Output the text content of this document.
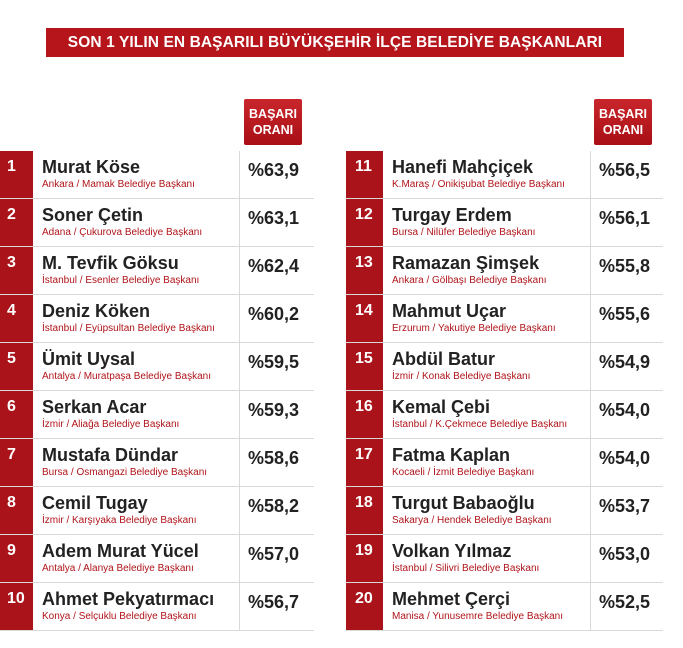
SON 1 YILIN EN BAŞARILI BÜYÜKŞEHİR İLÇE BELEDİYE BAŞKANLARI
BAŞARI
ORANI
1	Murat Köse
Ankara / Mamak Belediye Başkanı
%63,9
2	Soner Çetin
Adana / Çukurova Belediye Başkanı
%63,1
3	M. Tevfik Göksu
İstanbul / Esenler Belediye Başkanı
%62,4
4	Deniz Köken
İstanbul / Eyüpsultan Belediye Başkanı
%60,2
5	Ümit Uysal
Antalya / Muratpaşa Belediye Başkanı
%59,5
6	Serkan Acar
İzmir / Aliağa Belediye Başkanı
%59,3
7	Mustafa Dündar
Bursa / Osmangazi Belediye Başkanı
%58,6
8	Cemil Tugay
İzmir / Karşıyaka Belediye Başkanı
%58,2
9	Adem Murat Yücel
Antalya / Alanya Belediye Başkanı
%57,0
10 Ahmet Pekyatırmacı
Konya / Selçuklu Belediye Başkanı
%56,7
BAŞARI
ORANI
11	Hanefi Mahçiçek
K.Maraş / Onikişubat Belediye Başkanı
%56,5
12	Turgay Erdem
Bursa / Nilüfer Belediye Başkanı
%56,1
13	Ramazan Şimşek
Ankara / Gölbaşı Belediye Başkanı
%55,8
14	Mahmut Uçar
Erzurum / Yakutiye Belediye Başkanı
%55,6
15	Abdül Batur
İzmir / Konak Belediye Başkanı
%54,9
16	Kemal Çebi
İstanbul / K.Çekmece Belediye Başkanı
%54,0
17	Fatma Kaplan
Kocaeli / İzmit Belediye Başkanı
%54,0
18	Turgut Babaoğlu
Sakarya / Hendek Belediye Başkanı
%53,7
19	Volkan Yılmaz
İstanbul / Silivri Belediye Başkanı
%53,0
20	Mehmet Çerçi
Manisa / Yunusemre Belediye Başkanı
%52,5
